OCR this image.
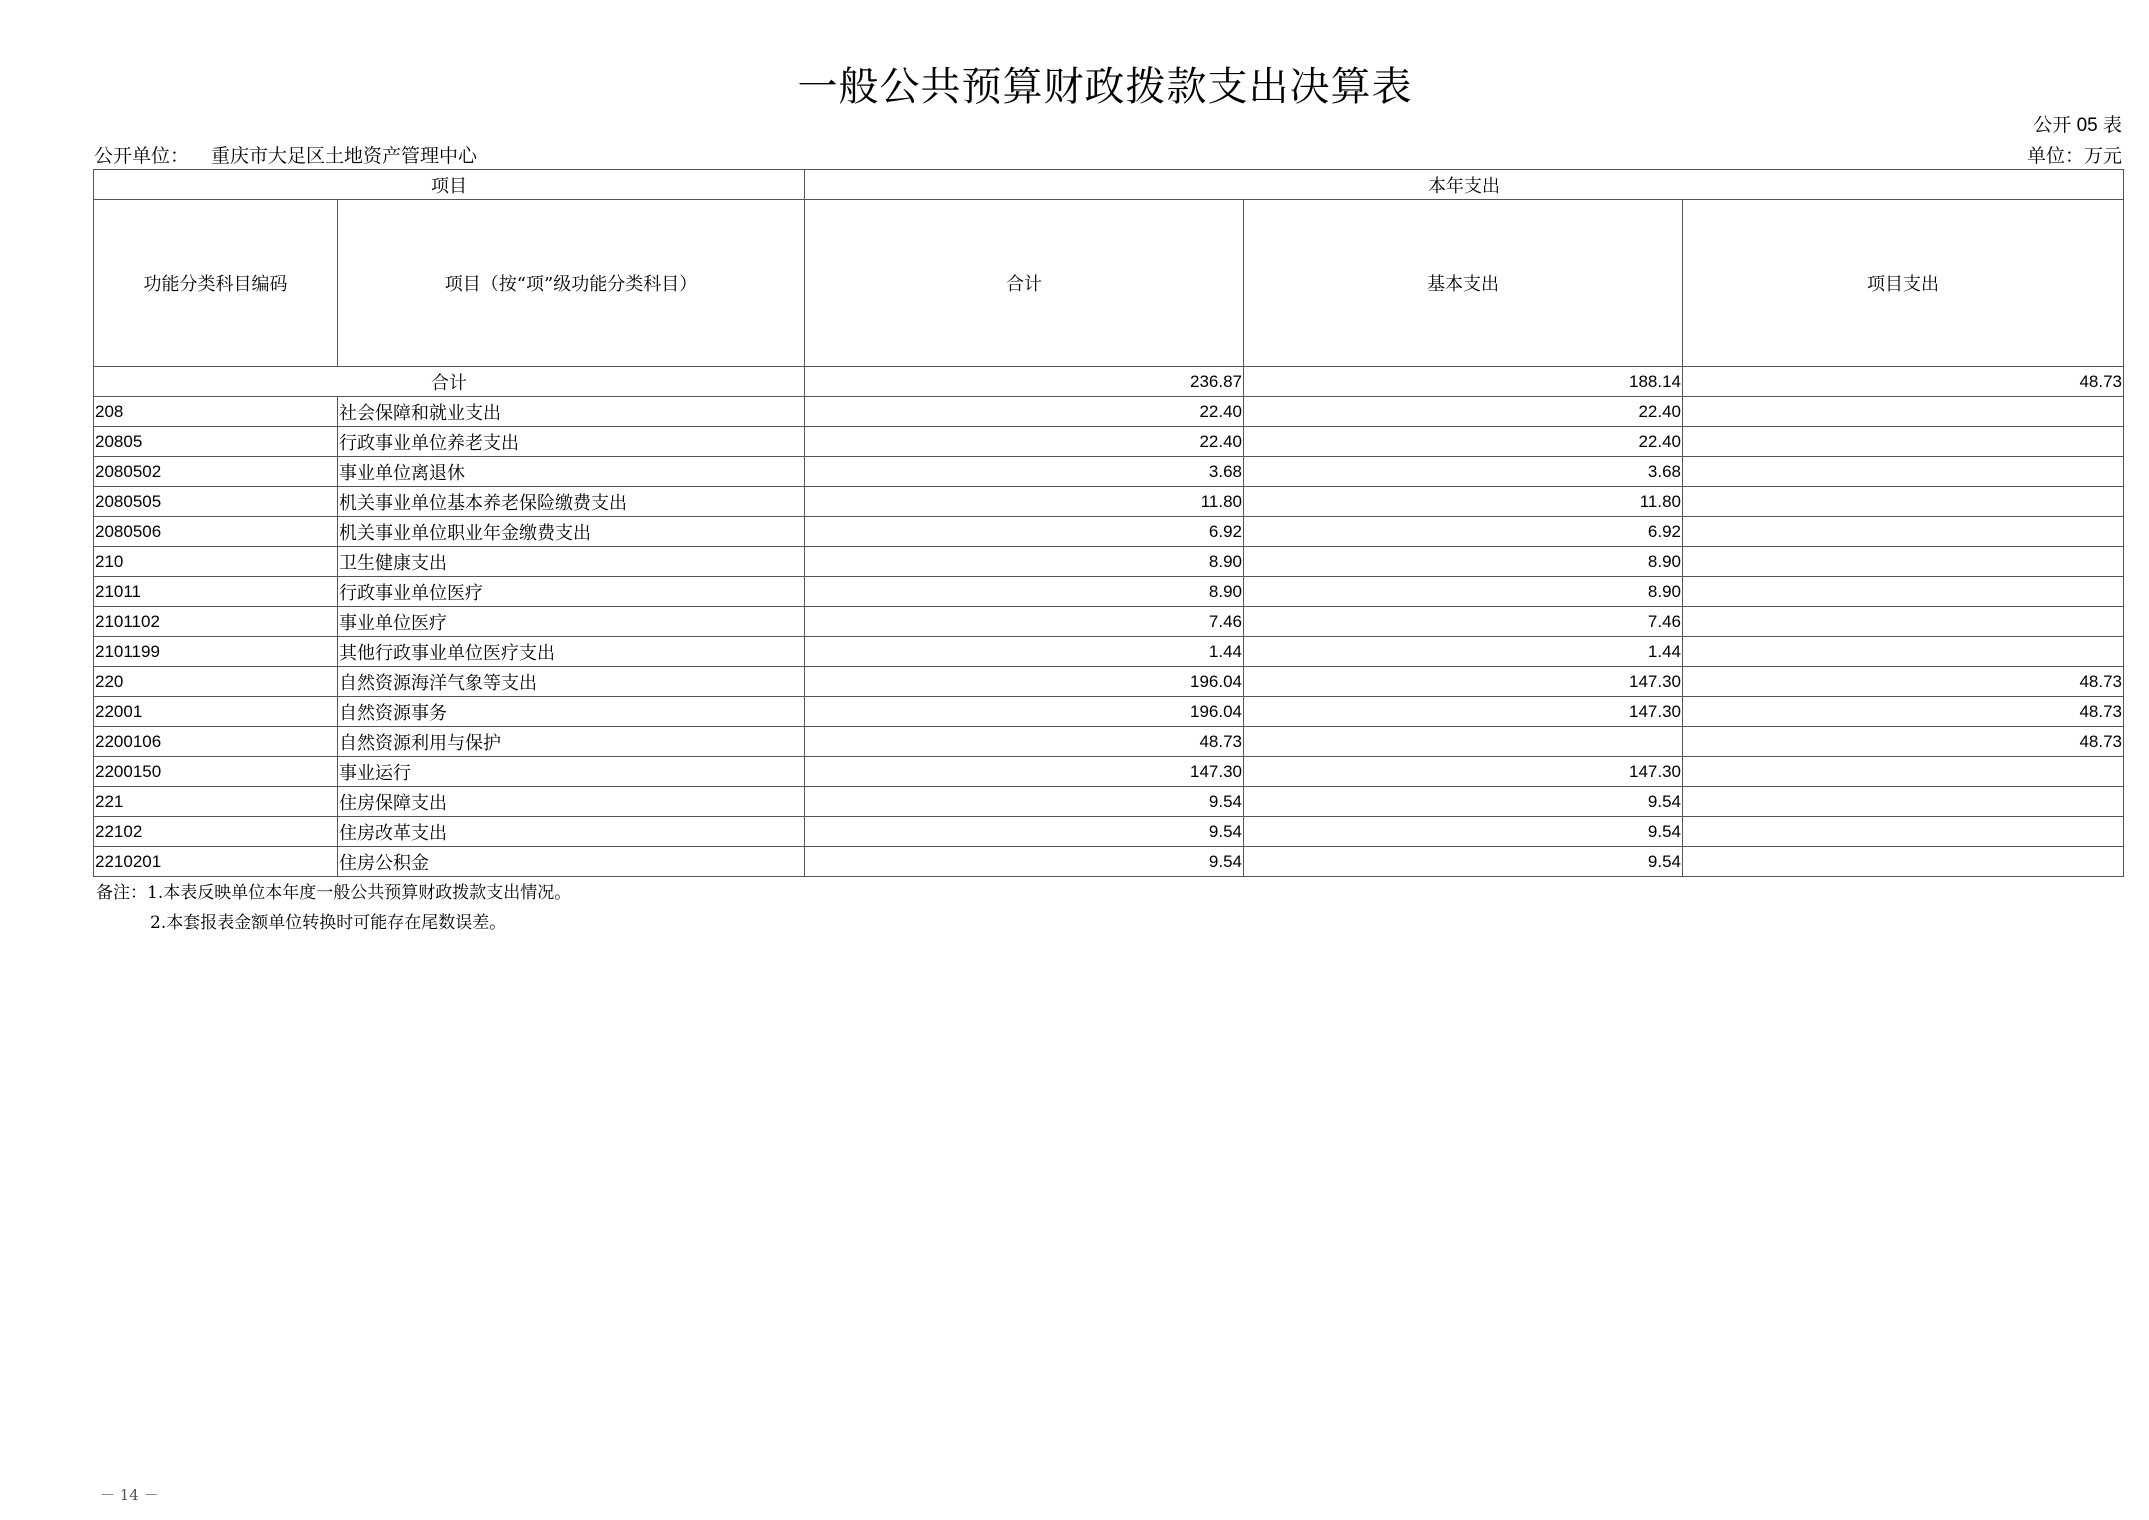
一般公共预算财政拨款支出决算表
公开 05 表
公开单位： 重庆市大足区土地资产管理中心	单位：万元
项目		本年支出		
功能分类科目编码	项目（按“项”级功能分类科目）	合计	基本支出	项目支出
合计		236.87	188.14	48.73
208	社会保障和就业支出	22.40	22.40	
20805	行政事业单位养老支出	22.40	22.40	
2080502	事业单位离退休	3.68	3.68	
2080505	机关事业单位基本养老保险缴费支出	11.80	11.80	
2080506	机关事业单位职业年金缴费支出	6.92	6.92	
210	卫生健康支出	8.90	8.90	
21011	行政事业单位医疗	8.90	8.90	
2101102	事业单位医疗	7.46	7.46	
2101199	其他行政事业单位医疗支出	1.44	1.44	
220	自然资源海洋气象等支出	196.04	147.30	48.73
22001	自然资源事务	196.04	147.30	48.73
2200106	自然资源利用与保护	48.73		48.73
2200150	事业运行	147.30	147.30	
221	住房保障支出	9.54	9.54	
22102	住房改革支出	9.54	9.54	
2210201	住房公积金	9.54	9.54	
备注：1.本表反映单位本年度一般公共预算财政拨款支出情况。
2.本套报表金额单位转换时可能存在尾数误差。
－ 14 －
